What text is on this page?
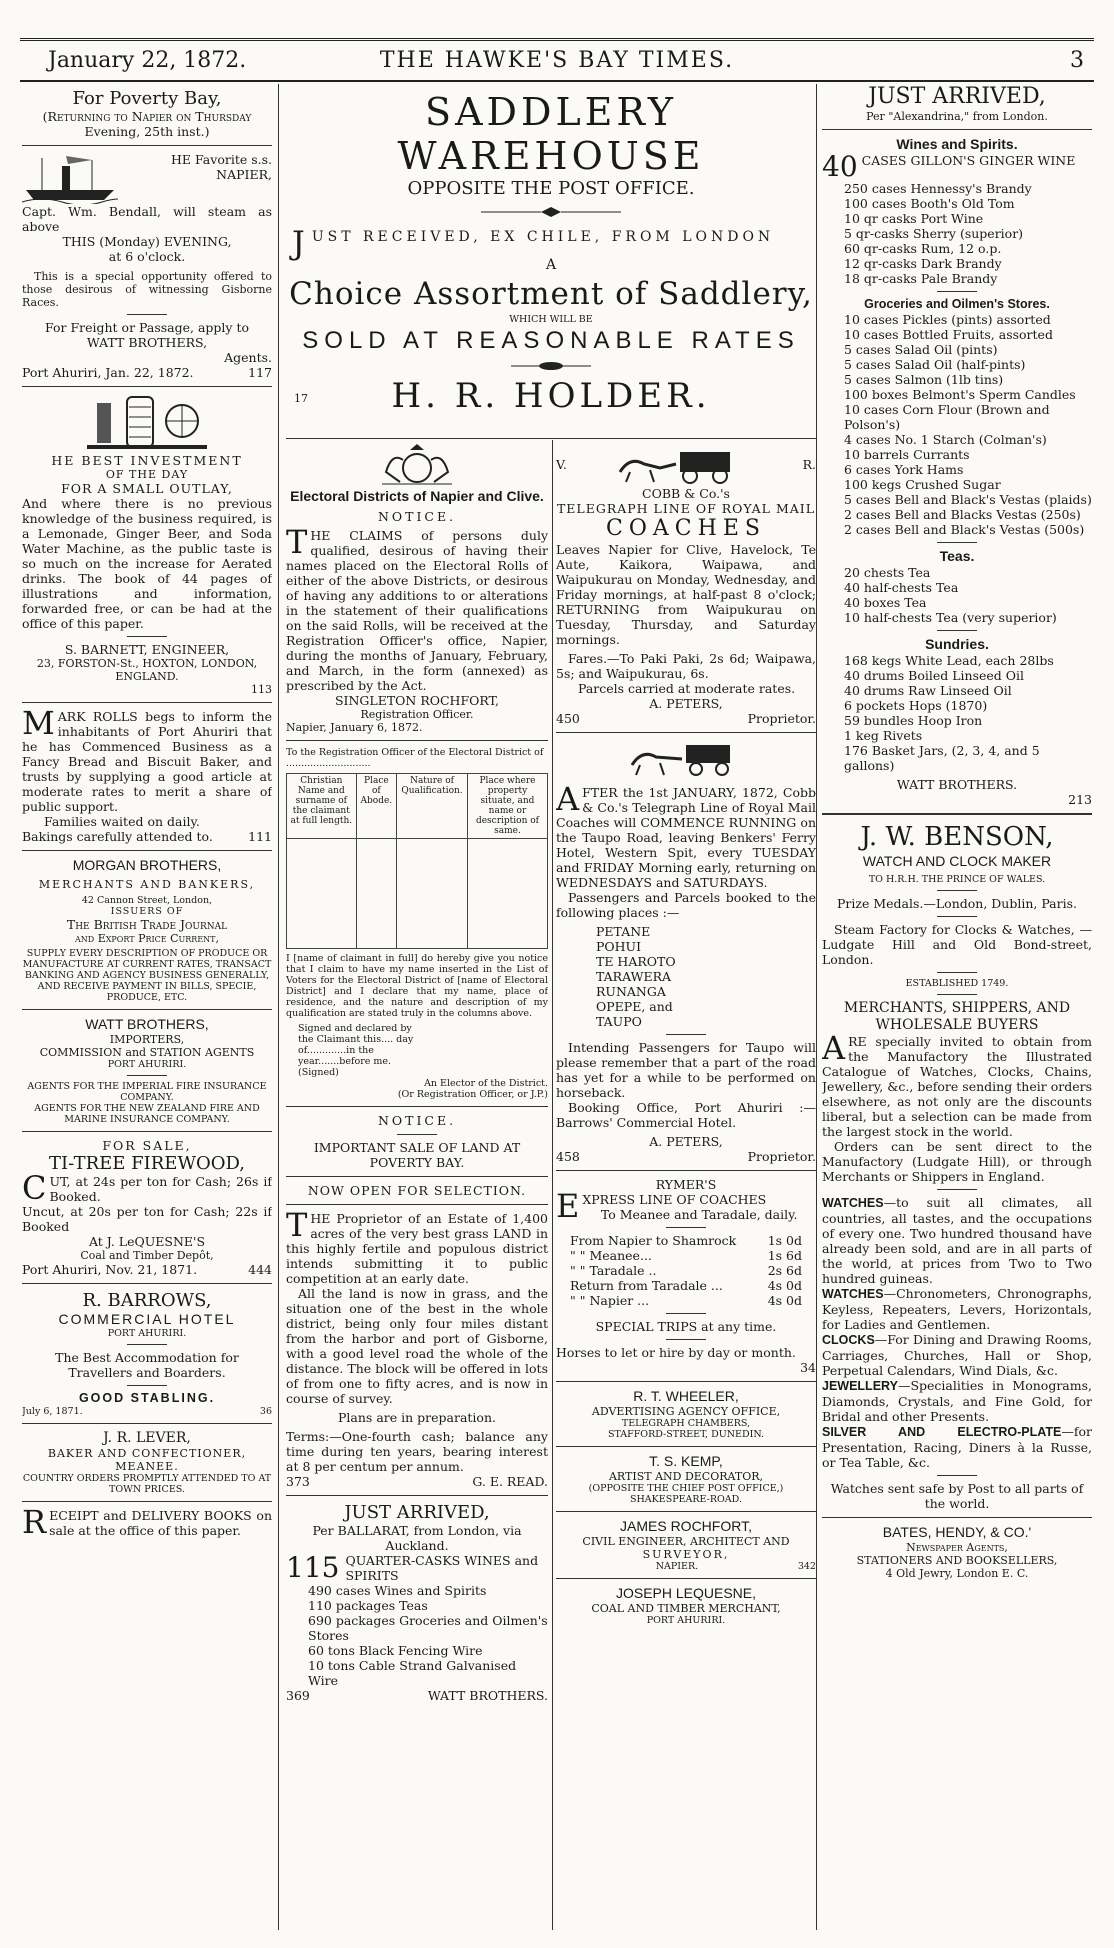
January 22, 1872.	THE HAWKE'S BAY TIMES.	3
For Poverty Bay,
(Returning to Napier on Thursday
Evening, 25th inst.)
HE Favorite s.s.
NAPIER,
Capt. Wm. Bendall, will steam as above
THIS (Monday) EVENING,
at 6 o'clock.
This is a special opportunity offered to those desirous of witnessing Gisborne Races.
For Freight or Passage, apply to
WATT BROTHERS,
Agents.
Port Ahuriri, Jan. 22, 1872.	117
HE BEST INVESTMENT
OF THE DAY
FOR A SMALL OUTLAY,
And where there is no previous knowledge of the business required, is a Lemonade, Ginger Beer, and Soda Water Machine, as the public taste is so much on the increase for Aerated drinks. The book of 44 pages of illustrations and information, forwarded free, or can be had at the office of this paper.
S. BARNETT, ENGINEER,
23, FORSTON-St., HOXTON, LONDON, ENGLAND.
113
MARK ROLLS begs to inform the inhabitants of Port Ahuriri that he has Commenced Business as a Fancy Bread and Biscuit Baker, and trusts by supplying a good article at moderate rates to merit a share of public support.
Families waited on daily.
Bakings carefully attended to.	111
MORGAN BROTHERS,
MERCHANTS AND BANKERS,
42 Cannon Street, London,
ISSUERS OF
The British Trade Journal
and Export Price Current,
SUPPLY EVERY DESCRIPTION OF PRODUCE OR MANUFACTURE AT CURRENT RATES, TRANSACT BANKING AND AGENCY BUSINESS GENERALLY, AND RECEIVE PAYMENT IN BILLS, SPECIE, PRODUCE, ETC.
WATT BROTHERS,
IMPORTERS,
COMMISSION and STATION AGENTS
PORT AHURIRI.
AGENTS FOR THE IMPERIAL FIRE INSURANCE COMPANY.
AGENTS FOR THE NEW ZEALAND FIRE AND MARINE INSURANCE COMPANY.
FOR SALE,
TI-TREE FIREWOOD,
CUT, at 24s per ton for Cash; 26s if Booked.
Uncut, at 20s per ton for Cash; 22s if Booked
At J. LeQUESNE'S
Coal and Timber Depôt,
Port Ahuriri, Nov. 21, 1871.	444
R. BARROWS,
COMMERCIAL HOTEL
PORT AHURIRI.
The Best Accommodation for Travellers and Boarders.
GOOD STABLING.
July 6, 1871.	36
J. R. LEVER,
BAKER AND CONFECTIONER,
MEANEE.
COUNTRY ORDERS PROMPTLY ATTENDED TO AT TOWN PRICES.
RECEIPT and DELIVERY BOOKS on sale at the office of this paper.
SADDLERY WAREHOUSE
OPPOSITE THE POST OFFICE.
JUST RECEIVED, EX CHILE, FROM LONDON
A
Choice Assortment of Saddlery,
WHICH WILL BE
SOLD AT REASONABLE RATES
17 H. R. HOLDER.
Electoral Districts of Napier and Clive.
NOTICE.
THE CLAIMS of persons duly qualified, desirous of having their names placed on the Electoral Rolls of either of the above Districts, or desirous of having any additions to or alterations in the statement of their qualifications on the said Rolls, will be received at the Registration Officer's office, Napier, during the months of January, February, and March, in the form (annexed) as prescribed by the Act.
SINGLETON ROCHFORT,
Registration Officer.
Napier, January 6, 1872.
To the Registration Officer of the Electoral District of ............................
Christian Name and surname of the claimant at full length.	Place of Abode.	Nature of Qualification.	Place where property situate, and name or description of same.

I [name of claimant in full] do hereby give you notice that I claim to have my name inserted in the List of Voters for the Electoral District of [name of Electoral District] and I declare that my name, place of residence, and the nature and description of my qualification are stated truly in the columns above.
Signed and declared by the Claimant this.... day of.............in the year.......before me. (Signed)
An Elector of the District.
(Or Registration Officer, or J.P.)
NOTICE.
IMPORTANT SALE OF LAND AT POVERTY BAY.
NOW OPEN FOR SELECTION.
THE Proprietor of an Estate of 1,400 acres of the very best grass LAND in this highly fertile and populous district intends submitting it to public competition at an early date.
All the land is now in grass, and the situation one of the best in the whole district, being only four miles distant from the harbor and port of Gisborne, with a good level road the whole of the distance. The block will be offered in lots of from one to fifty acres, and is now in course of survey.
Plans are in preparation.
Terms:—One-fourth cash; balance any time during ten years, bearing interest at 8 per centum per annum.
373	G. E. READ.
JUST ARRIVED,
Per BALLARAT, from London, via Auckland.
115 QUARTER-CASKS WINES and SPIRITS
490 cases Wines and Spirits
110 packages Teas
690 packages Groceries and Oilmen's Stores
60 tons Black Fencing Wire
10 tons Cable Strand Galvanised Wire
369	WATT BROTHERS.
V.	R.
COBB & Co.'s
TELEGRAPH LINE OF ROYAL MAIL
COACHES
Leaves Napier for Clive, Havelock, Te Aute, Kaikora, Waipawa, and Waipukurau on Monday, Wednesday, and Friday mornings, at half-past 8 o'clock; RETURNING from Waipukurau on Tuesday, Thursday, and Saturday mornings.
Fares.—To Paki Paki, 2s 6d; Waipawa, 5s; and Waipukurau, 6s.
Parcels carried at moderate rates.
A. PETERS,
450	Proprietor.
AFTER the 1st JANUARY, 1872, Cobb & Co.'s Telegraph Line of Royal Mail Coaches will COMMENCE RUNNING on the Taupo Road, leaving Benkers' Ferry Hotel, Western Spit, every TUESDAY and FRIDAY Morning early, returning on WEDNESDAYS and SATURDAYS.
Passengers and Parcels booked to the following places :—
PETANE
POHUI
TE HAROTO
TARAWERA
RUNANGA
OPEPE, and
TAUPO
Intending Passengers for Taupo will please remember that a part of the road has yet for a while to be performed on horseback.
Booking Office, Port Ahuriri :—Barrows' Commercial Hotel.
A. PETERS,
458	Proprietor.
RYMER'S
EXPRESS LINE OF COACHES
To Meanee and Taradale, daily.
From Napier to Shamrock	1s 0d
" " Meanee...	1s 6d
" " Taradale ..	2s 6d
Return from Taradale ...	4s 0d
" " Napier ...	4s 0d
SPECIAL TRIPS at any time.
Horses to let or hire by day or month.
34
R. T. WHEELER,
ADVERTISING AGENCY OFFICE,
TELEGRAPH CHAMBERS,
STAFFORD-STREET, DUNEDIN.
T. S. KEMP,
ARTIST AND DECORATOR,
(OPPOSITE THE CHIEF POST OFFICE,)
SHAKESPEARE-ROAD.
JAMES ROCHFORT,
CIVIL ENGINEER, ARCHITECT AND
SURVEYOR,
NAPIER.	342
JOSEPH LEQUESNE,
COAL AND TIMBER MERCHANT,
PORT AHURIRI.
JUST ARRIVED,
Per "Alexandrina," from London.
Wines and Spirits.
40 CASES GILLON'S GINGER WINE
250 cases Hennessy's Brandy
100 cases Booth's Old Tom
10 qr casks Port Wine
5 qr-casks Sherry (superior)
60 qr-casks Rum, 12 o.p.
12 qr-casks Dark Brandy
18 qr-casks Pale Brandy
Groceries and Oilmen's Stores.
10 cases Pickles (pints) assorted
10 cases Bottled Fruits, assorted
5 cases Salad Oil (pints)
5 cases Salad Oil (half-pints)
5 cases Salmon (1lb tins)
100 boxes Belmont's Sperm Candles
10 cases Corn Flour (Brown and Polson's)
4 cases No. 1 Starch (Colman's)
10 barrels Currants
6 cases York Hams
100 kegs Crushed Sugar
5 cases Bell and Black's Vestas (plaids)
2 cases Bell and Blacks Vestas (250s)
2 cases Bell and Black's Vestas (500s)
Teas.
20 chests Tea
40 half-chests Tea
40 boxes Tea
10 half-chests Tea (very superior)
Sundries.
168 kegs White Lead, each 28lbs
40 drums Boiled Linseed Oil
40 drums Raw Linseed Oil
6 pockets Hops (1870)
59 bundles Hoop Iron
1 keg Rivets
176 Basket Jars, (2, 3, 4, and 5 gallons)
WATT BROTHERS.
213
J. W. BENSON,
WATCH AND CLOCK MAKER
TO H.R.H. THE PRINCE OF WALES.
Prize Medals.—London, Dublin, Paris.
Steam Factory for Clocks & Watches, —Ludgate Hill and Old Bond-street, London.
ESTABLISHED 1749.
MERCHANTS, SHIPPERS, AND WHOLESALE BUYERS
ARE specially invited to obtain from the Manufactory the Illustrated Catalogue of Watches, Clocks, Chains, Jewellery, &c., before sending their orders elsewhere, as not only are the discounts liberal, but a selection can be made from the largest stock in the world.
Orders can be sent direct to the Manufactory (Ludgate Hill), or through Merchants or Shippers in England.
WATCHES—to suit all climates, all countries, all tastes, and the occupations of every one. Two hundred thousand have already been sold, and are in all parts of the world, at prices from Two to Two hundred guineas.
WATCHES—Chronometers, Chronographs, Keyless, Repeaters, Levers, Horizontals, for Ladies and Gentlemen.
CLOCKS—For Dining and Drawing Rooms, Carriages, Churches, Hall or Shop, Perpetual Calendars, Wind Dials, &c.
JEWELLERY—Specialities in Monograms, Diamonds, Crystals, and Fine Gold, for Bridal and other Presents.
SILVER AND ELECTRO-PLATE—for Presentation, Racing, Diners à la Russe, or Tea Table, &c.
Watches sent safe by Post to all parts of the world.
BATES, HENDY, & CO.'
Newspaper Agents,
STATIONERS AND BOOKSELLERS,
4 Old Jewry, London E. C.
